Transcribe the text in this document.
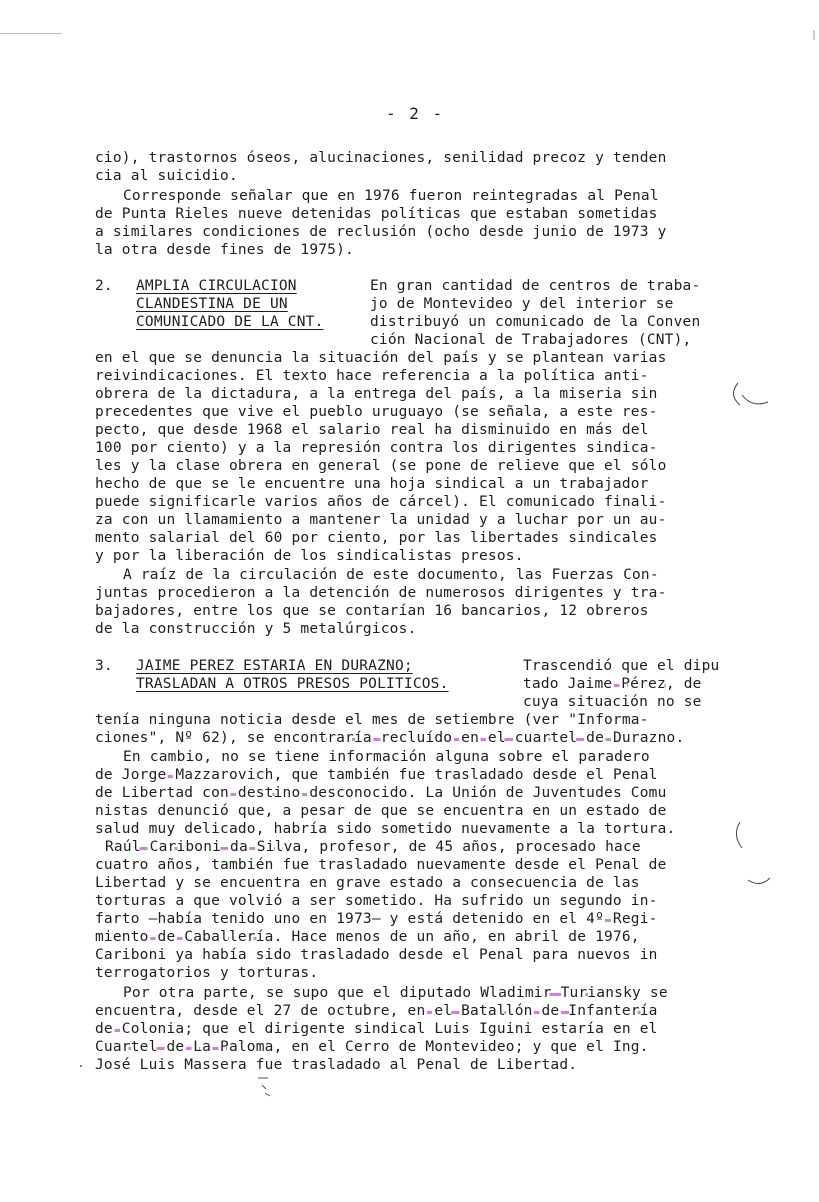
- 2 -
cio), trastornos óseos, alucinaciones, senilidad precoz y tenden
cia al suicidio.
Corresponde señalar que en 1976 fueron reintegradas al Penal
de Punta Rieles nueve detenidas políticas que estaban sometidas
a similares condiciones de reclusión (ocho desde junio de 1973 y
la otra desde fines de 1975).
2. AMPLIA CIRCULACION
CLANDESTINA DE UN
COMUNICADO DE LA CNT.
En gran cantidad de centros de traba-
jo de Montevideo y del interior se
distribuyó un comunicado de la Conven
ción Nacional de Trabajadores (CNT),
en el que se denuncia la situación del país y se plantean varias
reivindicaciones. El texto hace referencia a la política anti-
obrera de la dictadura, a la entrega del país, a la miseria sin
precedentes que vive el pueblo uruguayo (se señala, a este res-
pecto, que desde 1968 el salario real ha disminuido en más del
100 por ciento) y a la represión contra los dirigentes sindica-
les y la clase obrera en general (se pone de relieve que el sólo
hecho de que se le encuentre una hoja sindical a un trabajador
puede significarle varios años de cárcel). El comunicado finali-
za con un llamamiento a mantener la unidad y a luchar por un au-
mento salarial del 60 por ciento, por las libertades sindicales
y por la liberación de los sindicalistas presos.
A raíz de la circulación de este documento, las Fuerzas Con-
juntas procedieron a la detención de numerosos dirigentes y tra-
bajadores, entre los que se contarían 16 bancarios, 12 obreros
de la construcción y 5 metalúrgicos.
3. JAIME PEREZ ESTARIA EN DURAZNO;
TRASLADAN A OTROS PRESOS POLITICOS.
Trascendió que el dipu
tado Jaime Pérez, de
cuya situación no se
tenía ninguna noticia desde el mes de setiembre (ver "Informa-
ciones", Nº 62), se encontraría recluído en el cuartel de Durazno.
En cambio, no se tiene información alguna sobre el paradero
de Jorge Mazzarovich, que también fue trasladado desde el Penal
de Libertad con destino desconocido. La Unión de Juventudes Comu
nistas denunció que, a pesar de que se encuentra en un estado de
salud muy delicado, habría sido sometido nuevamente a la tortura.
Raúl Cariboni da Silva, profesor, de 45 años, procesado hace
cuatro años, también fue trasladado nuevamente desde el Penal de
Libertad y se encuentra en grave estado a consecuencia de las
torturas a que volvió a ser sometido. Ha sufrido un segundo in-
farto —había tenido uno en 1973— y está detenido en el 4º Regi-
miento de Caballería. Hace menos de un año, en abril de 1976,
Cariboni ya había sido trasladado desde el Penal para nuevos in
terrogatorios y torturas.
Por otra parte, se supo que el diputado Wladimir Turiansky se
encuentra, desde el 27 de octubre, en el Batallón de Infantería
de Colonia; que el dirigente sindical Luis Iguini estaría en el
Cuartel de La Paloma, en el Cerro de Montevideo; y que el Ing.
José Luis Massera fue trasladado al Penal de Libertad.
